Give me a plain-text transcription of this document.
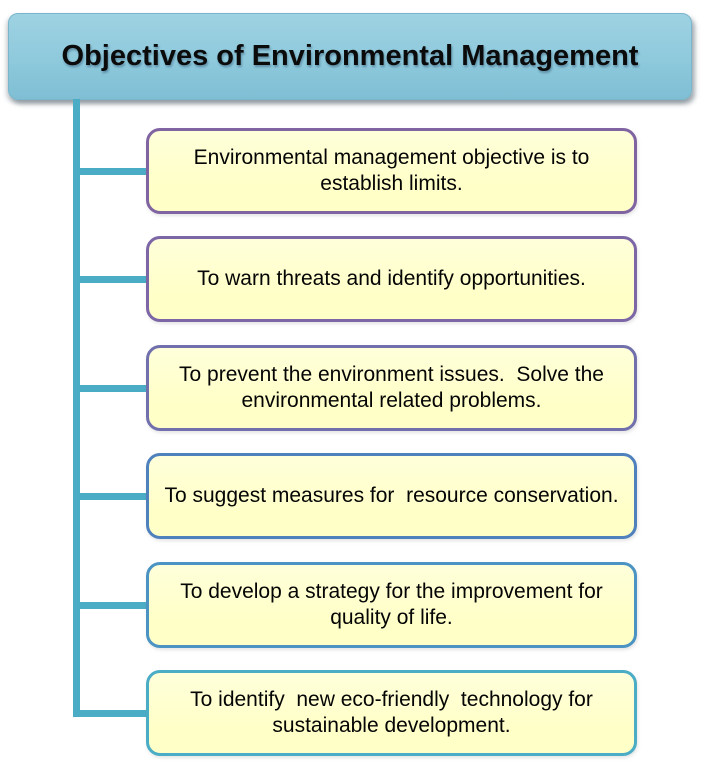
Objectives of Environmental Management
Environmental management objective is to establish limits.
To warn threats and identify opportunities.
To prevent the environment issues.  Solve the  environmental related problems.
To suggest measures for  resource conservation.
To develop a strategy for the improvement for quality of life.
To identify  new eco-friendly  technology for sustainable development.
